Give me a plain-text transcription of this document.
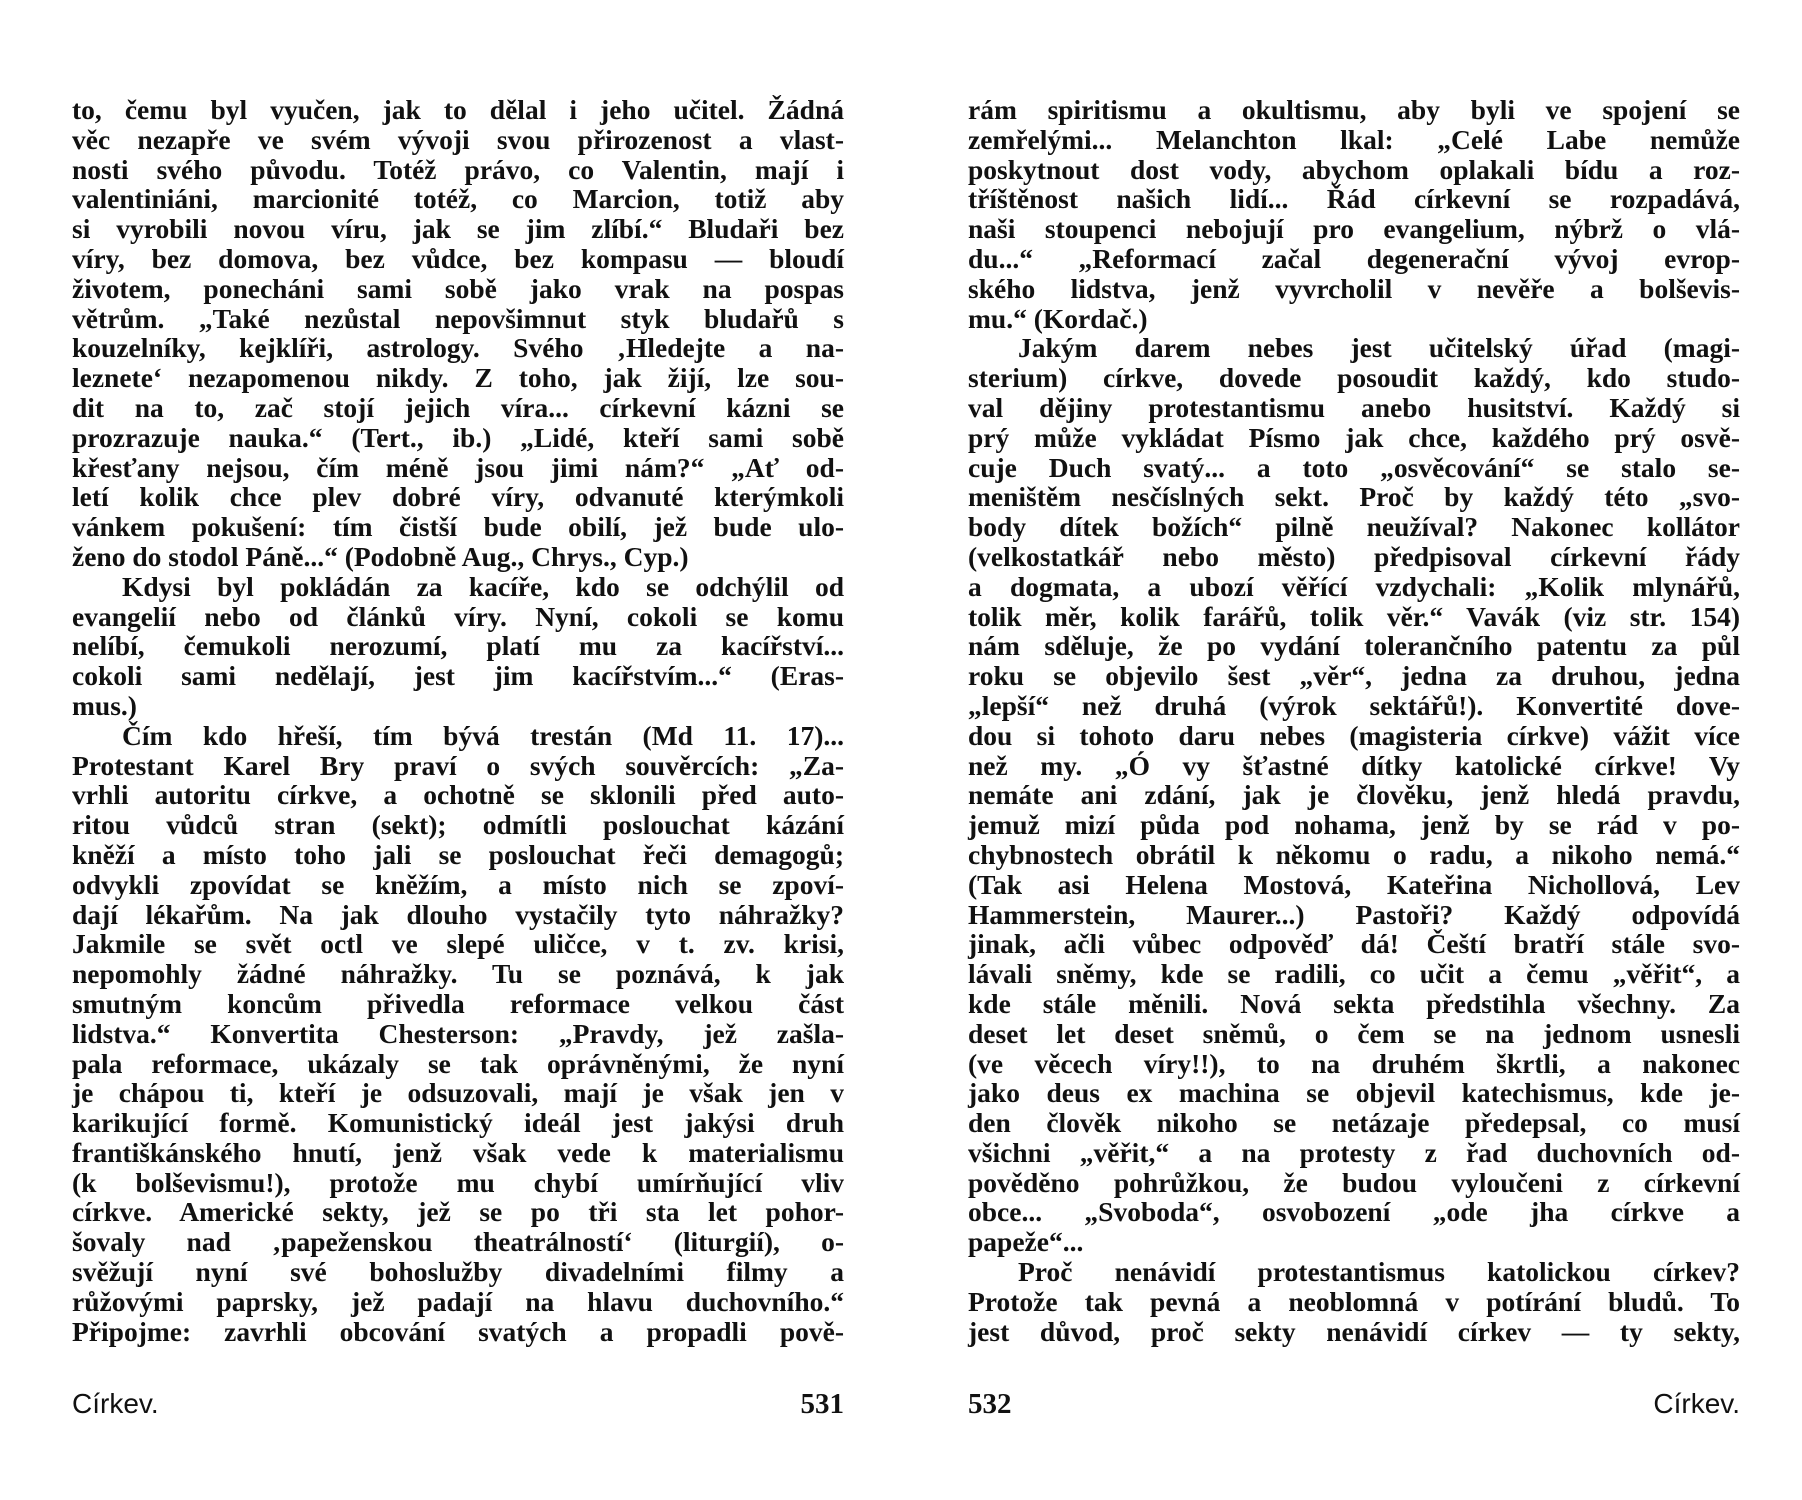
to, čemu byl vyučen, jak to dělal i jeho učitel. Žádná
věc nezapře ve svém vývoji svou přirozenost a vlast-
nosti svého původu. Totéž právo, co Valentin, mají i
valentiniáni, marcionité totéž, co Marcion, totiž aby
si vyrobili novou víru, jak se jim zlíbí.“ Bludaři bez
víry, bez domova, bez vůdce, bez kompasu — bloudí
životem, ponecháni sami sobě jako vrak na pospas
větrům. „Také nezůstal nepovšimnut styk bludařů s
kouzelníky, kejklíři, astrology. Svého ‚Hledejte a na-
leznete‘ nezapomenou nikdy. Z toho, jak žijí, lze sou-
dit na to, zač stojí jejich víra... církevní kázni se
prozrazuje nauka.“ (Tert., ib.) „Lidé, kteří sami sobě
křesťany nejsou, čím méně jsou jimi nám?“ „Ať od-
letí kolik chce plev dobré víry, odvanuté kterýmkoli
vánkem pokušení: tím čistší bude obilí, jež bude ulo-
ženo do stodol Páně...“ (Podobně Aug., Chrys., Cyp.)
Kdysi byl pokládán za kacíře, kdo se odchýlil od
evangelií nebo od článků víry. Nyní, cokoli se komu
nelíbí, čemukoli nerozumí, platí mu za kacířství...
cokoli sami nedělají, jest jim kacířstvím...“ (Eras-
mus.)
Čím kdo hřeší, tím bývá trestán (Md 11. 17)...
Protestant Karel Bry praví o svých souvěrcích: „Za-
vrhli autoritu církve, a ochotně se sklonili před auto-
ritou vůdců stran (sekt); odmítli poslouchat kázání
kněží a místo toho jali se poslouchat řeči demagogů;
odvykli zpovídat se kněžím, a místo nich se zpoví-
dají lékařům. Na jak dlouho vystačily tyto náhražky?
Jakmile se svět octl ve slepé uličce, v t. zv. krisi,
nepomohly žádné náhražky. Tu se poznává, k jak
smutným koncům přivedla reformace velkou část
lidstva.“ Konvertita Chesterson: „Pravdy, jež zašla-
pala reformace, ukázaly se tak oprávněnými, že nyní
je chápou ti, kteří je odsuzovali, mají je však jen v
karikující formě. Komunistický ideál jest jakýsi druh
františkánského hnutí, jenž však vede k materialismu
(k bolševismu!), protože mu chybí umírňující vliv
církve. Americké sekty, jež se po tři sta let pohor-
šovaly nad ‚papeženskou theatrálností‘ (liturgií), o-
svěžují nyní své bohoslužby divadelními filmy a
růžovými paprsky, jež padají na hlavu duchovního.“
Připojme: zavrhli obcování svatých a propadli pově-
rám spiritismu a okultismu, aby byli ve spojení se
zemřelými... Melanchton lkal: „Celé Labe nemůže
poskytnout dost vody, abychom oplakali bídu a roz-
tříštěnost našich lidí... Řád církevní se rozpadává,
naši stoupenci nebojují pro evangelium, nýbrž o vlá-
du...“ „Reformací začal degenerační vývoj evrop-
ského lidstva, jenž vyvrcholil v nevěře a bolševis-
mu.“ (Kordač.)
Jakým darem nebes jest učitelský úřad (magi-
sterium) církve, dovede posoudit každý, kdo studo-
val dějiny protestantismu anebo husitství. Každý si
prý může vykládat Písmo jak chce, každého prý osvě-
cuje Duch svatý... a toto „osvěcování“ se stalo se-
meništěm nesčíslných sekt. Proč by každý této „svo-
body dítek božích“ pilně neužíval? Nakonec kollátor
(velkostatkář nebo město) předpisoval církevní řády
a dogmata, a ubozí věřící vzdychali: „Kolik mlynářů,
tolik měr, kolik farářů, tolik věr.“ Vavák (viz str. 154)
nám sděluje, že po vydání tolerančního patentu za půl
roku se objevilo šest „věr“, jedna za druhou, jedna
„lepší“ než druhá (výrok sektářů!). Konvertité dove-
dou si tohoto daru nebes (magisteria církve) vážit více
než my. „Ó vy šťastné dítky katolické církve! Vy
nemáte ani zdání, jak je člověku, jenž hledá pravdu,
jemuž mizí půda pod nohama, jenž by se rád v po-
chybnostech obrátil k někomu o radu, a nikoho nemá.“
(Tak asi Helena Mostová, Kateřina Nichollová, Lev
Hammerstein, Maurer...) Pastoři? Každý odpovídá
jinak, ačli vůbec odpověď dá! Čeští bratří stále svo-
lávali sněmy, kde se radili, co učit a čemu „věřit“, a
kde stále měnili. Nová sekta předstihla všechny. Za
deset let deset sněmů, o čem se na jednom usnesli
(ve věcech víry!!), to na druhém škrtli, a nakonec
jako deus ex machina se objevil katechismus, kde je-
den člověk nikoho se netázaje předepsal, co musí
všichni „věřit,“ a na protesty z řad duchovních od-
pověděno pohrůžkou, že budou vyloučeni z církevní
obce... „Svoboda“, osvobození „ode jha církve a
papeže“...
Proč nenávidí protestantismus katolickou církev?
Protože tak pevná a neoblomná v potírání bludů. To
jest důvod, proč sekty nenávidí církev — ty sekty,
Církev.	531	532	Církev.
